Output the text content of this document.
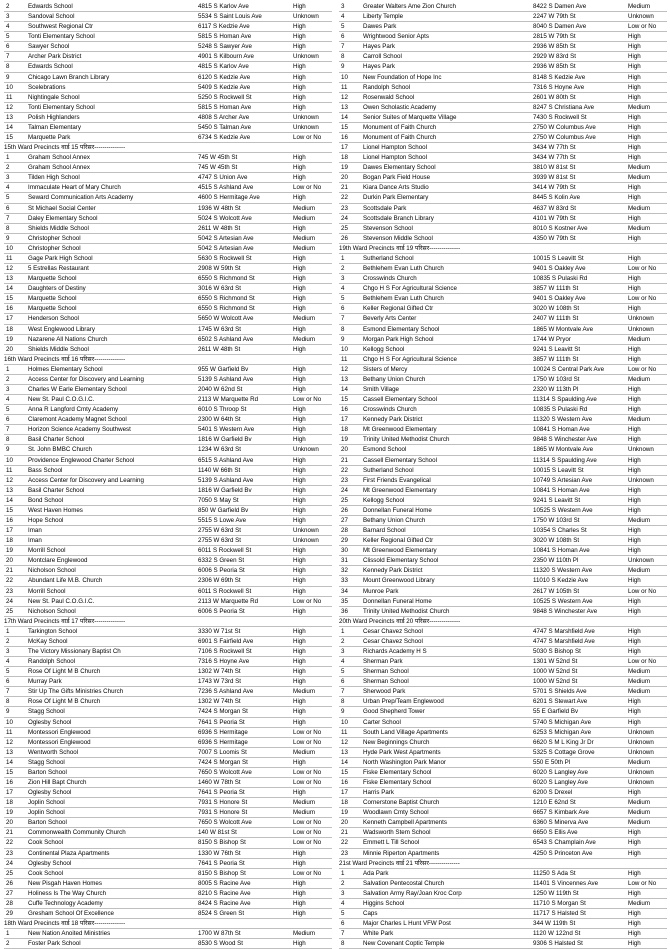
2	Edwards School	4815 S Karlov Ave	High
3	Sandoval School	5534 S Saint Louis Ave	Unknown
4	Southwest Regional Ctr	6117 S Kedzie Ave	High
5	Tonti Elementary School	5815 S Homan Ave	High
6	Sawyer School	5248 S Sawyer Ave	High
7	Archer Park District	4901 S Kilbourn Ave	Unknown
8	Edwards School	4815 S Karlov Ave	High
9	Chicago Lawn Branch Library	6120 S Kedzie Ave	High
10	Scelebrations	5409 S Kedzie Ave	High
11	Nightingale School	5250 S Rockwell St	High
12	Tonti Elementary School	5815 S Homan Ave	High
13	Polish Highlanders	4808 S Archer Ave	Unknown
14	Talman Elementary	5450 S Talman Ave	Unknown
15	Marquette Park	6734 S Kedzie Ave	Low or No
15th Ward Precincts वार्ड 15 परिसर---------------
1	Graham School Annex	745 W 45th St	High
2	Graham School Annex	745 W 45th St	High
3	Tilden High School	4747 S Union Ave	High
4	Immaculate Heart of Mary Church	4515 S Ashland Ave	Low or No
5	Seward Communication Arts Academy	4600 S Hermitage Ave	High
6	St Michael Social Center	1936 W 48th St	Medium
7	Daley Elementary School	5024 S Wolcott Ave	Medium
8	Shields Middle School	2611 W 48th St	High
9	Christopher School	5042 S Artesian Ave	Medium
10	Christopher School	5042 S Artesian Ave	Medium
11	Gage Park High School	5630 S Rockwell St	High
12	5 Estrellas Restaurant	2908 W 59th St	High
13	Marquette School	6550 S Richmond St	High
14	Daughters of Destiny	3016 W 63rd St	High
15	Marquette School	6550 S Richmond St	High
16	Marquette School	6550 S Richmond St	High
17	Henderson School	5650 W Wolcott Ave	Medium
18	West Englewood Library	1745 W 63rd St	High
19	Nazarene All Nations Church	6502 S Ashland Ave	Medium
20	Shields Middle School	2611 W 48th St	High
16th Ward Precincts वार्ड 16 परिसर---------------
1	Holmes Elementary School	955 W Garfield Bv	High
2	Access Center for Discovery and Learning	5139 S Ashland Ave	High
3	Charles W Earle Elementary School	2040 W 62nd St	High
4	New St. Paul C.O.G.I.C.	2113 W Marquette Rd	Low or No
5	Anna R Langford Cmty Academy	6010 S Throop St	High
6	Claremont Academy Magnet School	2300 W 64th St	High
7	Horizon Science Academy Southwest	5401 S Western Ave	High
8	Basil Charter School	1816 W Garfield Bv	High
9	St. John BMBC Church	1234 W 63rd St	Unknown
10	Providence Englewood Charter School	6515 S Ashland Ave	High
11	Bass School	1140 W 66th St	High
12	Access Center for Discovery and Learning	5139 S Ashland Ave	High
13	Basil Charter School	1816 W Garfield Bv	High
14	Bond School	7050 S May St	High
15	West Haven Homes	850 W Garfield Bv	High
16	Hope School	5515 S Lowe Ave	High
17	Iman	2755 W 63rd St	Unknown
18	Iman	2755 W 63rd St	Unknown
19	Morrill School	6011 S Rockwell St	High
20	Montclare Englewood	6332 S Green St	High
21	Nicholson School	6006 S Peoria St	High
22	Abundant Life M.B. Church	2306 W 69th St	High
23	Morrill School	6011 S Rockwell St	High
24	New St. Paul C.O.G.I.C.	2113 W Marquette Rd	Low or No
25	Nicholson School	6006 S Peoria St	High
17th Ward Precincts वार्ड 17 परिसर---------------
1	Tarkington School	3330 W 71st St	High
2	McKay School	6901 S Fairfield Ave	High
3	The Victory Missionary Baptist Ch	7106 S Rockwell St	High
4	Randolph School	7316 S Hoyne Ave	High
5	Rose Of Light M B Church	1302 W 74th St	High
6	Murray Park	1743 W 73rd St	High
7	Stir Up The Gifts Ministries Church	7236 S Ashland Ave	Medium
8	Rose Of Light M B Church	1302 W 74th St	High
9	Stagg School	7424 S Morgan St	High
10	Oglesby School	7641 S Peoria St	High
11	Montessori Englewood	6936 S Hermitage	Low or No
12	Montessori Englewood	6936 S Hermitage	Low or No
13	Wentworth School	7007 S Loomis St	Medium
14	Stagg School	7424 S Morgan St	High
15	Barton School	7650 S Wolcott Ave	Low or No
16	Zion Hill Bapt Church	1460 W 78th St	Low or No
17	Oglesby School	7641 S Peoria St	High
18	Joplin School	7931 S Honore St	Medium
19	Joplin School	7931 S Honore St	Medium
20	Barton School	7650 S Wolcott Ave	Low or No
21	Commonwealth Community Church	140 W 81st St	Low or No
22	Cook School	8150 S Bishop St	Low or No
23	Continental Plaza Apartments	1330 W 76th St	High
24	Oglesby School	7641 S Peoria St	High
25	Cook School	8150 S Bishop St	Low or No
26	New Pisgah Haven Homes	8005 S Racine Ave	High
27	Holiness Is The Way Church	8210 S Racine Ave	High
28	Cuffe Technology Academy	8424 S Racine Ave	High
29	Gresham School Of Excellence	8524 S Green St	High
18th Ward Precincts वार्ड 18 परिसर---------------
1	New Nation Anoited Ministries	1700 W 87th St	Medium
2	Foster Park School	8530 S Wood St	High
3	Greater Walters Ame Zion Church	8422 S Damen Ave	Medium
4	Liberty Temple	2247 W 79th St	Unknown
5	Dawes Park	8040 S Damen Ave	Low or No
6	Wrightwood Senior Apts	2815 W 79th St	High
7	Hayes Park	2936 W 85th St	High
8	Carroll School	2929 W 83rd St	High
9	Hayes Park	2936 W 85th St	High
10	New Foundation of Hope Inc	8148 S Kedzie Ave	High
11	Randolph School	7316 S Hoyne Ave	High
12	Rosenwald School	2601 W 80th St	High
13	Owen Scholastic Academy	8247 S Christiana Ave	Medium
14	Senior Suites of Marquette Village	7430 S Rockwell St	High
15	Monument of Faith Church	2750 W Columbus Ave	High
16	Monument of Faith Church	2750 W Columbus Ave	High
17	Lionel Hampton School	3434 W 77th St	High
18	Lionel Hampton School	3434 W 77th St	High
19	Dawes Elementary School	3810 W 81st St	Medium
20	Bogan Park Field House	3939 W 81st St	Medium
21	Kiara Dance Arts Studio	3414 W 79th St	High
22	Durkin Park Elementary	8445 S Kolin Ave	High
23	Scottsdale Park	4637 W 83rd St	Medium
24	Scottsdale Branch Library	4101 W 79th St	High
25	Stevenson School	8010 S Kostner Ave	Medium
26	Stevenson Middle School	4350 W 79th St	High
19th Ward Precincts वार्ड 19 परिसर---------------
1	Sutherland School	10015 S Leavitt St	High
2	Bethlehem Evan Luth Church	9401 S Oakley Ave	Low or No
3	Crosswinds Church	10835 S Pulaski Rd	High
4	Chgo H S For Agricultural Science	3857 W 111th St	High
5	Bethlehem Evan Luth Church	9401 S Oakley Ave	Low or No
6	Keller Regional Gifted Ctr	3020 W 108th St	High
7	Beverly Arts Center	2407 W 111th St	Unknown
8	Esmond Elementary School	1865 W Montvale Ave	Unknown
9	Morgan Park High School	1744 W Pryor	Medium
10	Kellogg School	9241 S Leavitt St	High
11	Chgo H S For Agricultural Science	3857 W 111th St	High
12	Sisters of Mercy	10024 S Central Park Ave	Low or No
13	Bethany Union Church	1750 W 103rd St	Medium
14	Smith Village	2320 W 113th Pl	High
15	Cassell Elementary School	11314 S Spaulding Ave	High
16	Crosswinds Church	10835 S Pulaski Rd	High
17	Kennedy Park District	11320 S Western Ave	Medium
18	Mt Greenwood Elementary	10841 S Homan Ave	High
19	Trinity United Methodist Church	9848 S Winchester Ave	High
20	Esmond School	1865 W Montvale Ave	Unknown
21	Cassell Elementary School	11314 S Spaulding Ave	High
22	Sutherland School	10015 S Leavitt St	High
23	First Friends Evangelical	10749 S Artesian Ave	Unknown
24	Mt Greenwood Elementary	10841 S Homan Ave	High
25	Kellogg School	9241 S Leavitt St	High
26	Donnellan Funeral Home	10525 S Western Ave	High
27	Bethany Union Church	1750 W 103rd St	Medium
28	Barnard School	10354 S Charles St	High
29	Keller Regional Gifted Ctr	3020 W 108th St	High
30	Mt Greenwood Elementary	10841 S Homan Ave	High
31	Clissold Elementary School	2350 W 110th Pl	Unknown
32	Kennedy Park District	11320 S Western Ave	Medium
33	Mount Greenwood Library	11010 S Kedzie Ave	High
34	Munroe Park	2617 W 105th St	Low or No
35	Donnellan Funeral Home	10525 S Western Ave	High
36	Trinity United Methodist Church	9848 S Winchester Ave	High
20th Ward Precincts वार्ड 20 परिसर---------------
1	Cesar Chavez School	4747 S Marshfield Ave	High
2	Cesar Chavez School	4747 S Marshfield Ave	High
3	Richards Academy H S	5030 S Bishop St	High
4	Sherman Park	1301 W 52nd St	Low or No
5	Sherman School	1000 W 52nd St	Medium
6	Sherman School	1000 W 52nd St	Medium
7	Sherwood Park	5701 S Shields Ave	Medium
8	Urban Prep/Team Englewood	6201 S Stewart Ave	High
9	Good Shepherd Tower	55 E Garfield Bv	High
10	Carter School	5740 S Michigan Ave	High
11	South Land Village Apartments	6253 S Michigan Ave	Unknown
12	New Beginnings Church	6620 S M L King Jr Dr	Unknown
13	Hyde Park West Apartments	5325 S Cottage Grove	Unknown
14	North Washington Park Manor	550 E 50th Pl	Medium
15	Fiske Elementary School	6020 S Langley Ave	Unknown
16	Fiske Elementary School	6020 S Langley Ave	Unknown
17	Harris Park	6200 S Drexel	High
18	Cornerstone Baptist Church	1210 E 62nd St	Medium
19	Woodlawn Cmty School	6657 S Kimbark Ave	Medium
20	Kenneth Campbell Apartments	6360 S Minerva Ave	Medium
21	Wadsworth Stem School	6650 S Ellis Ave	High
22	Emmett L Till School	6543 S Champlain Ave	High
23	Minnie Riperton Apartments	4250 S Princeton Ave	High
21st Ward Precincts वार्ड 21 परिसर---------------
1	Ada Park	11250 S Ada St	High
2	Salvation Pentecostal Church	11401 S Vincennes Ave	Low or No
3	Salvation Army Ray/Joan Kroc Corp	1250 W 119th St	High
4	Higgins School	11710 S Morgan St	Medium
5	Caps	11717 S Halsted St	High
6	Major Charles L Hunt VFW Post	344 W 119th St	High
7	White Park	1120 W 122nd St	High
8	New Covenant Coptic Temple	9306 S Halsted St	High
